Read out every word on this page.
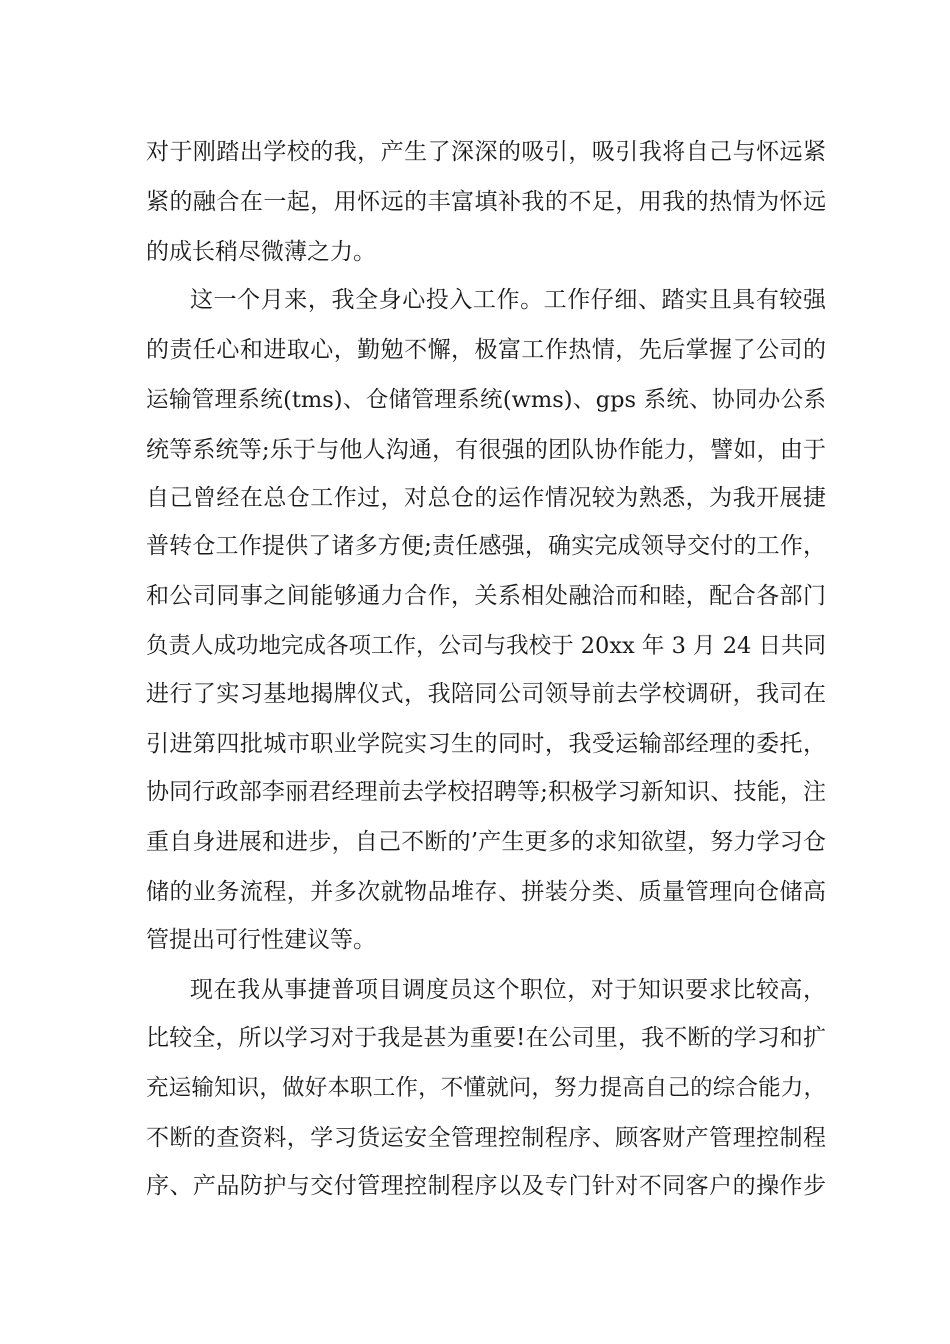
对于刚踏出学校的我，产生了深深的吸引，吸引我将自己与怀远紧
紧的融合在一起，用怀远的丰富填补我的不足，用我的热情为怀远
的成长稍尽微薄之力。
这一个月来，我全身心投入工作。工作仔细、踏实且具有较强
的责任心和进取心，勤勉不懈，极富工作热情，先后掌握了公司的
运输管理系统(tms)、仓储管理系统(wms)、gps 系统、协同办公系
统等系统等;乐于与他人沟通，有很强的团队协作能力，譬如，由于
自己曾经在总仓工作过，对总仓的运作情况较为熟悉，为我开展捷
普转仓工作提供了诸多方便;责任感强，确实完成领导交付的工作，
和公司同事之间能够通力合作，关系相处融洽而和睦，配合各部门
负责人成功地完成各项工作，公司与我校于 20xx 年 3 月 24 日共同
进行了实习基地揭牌仪式，我陪同公司领导前去学校调研，我司在
引进第四批城市职业学院实习生的同时，我受运输部经理的委托，
协同行政部李丽君经理前去学校招聘等;积极学习新知识、技能，注
重自身进展和进步，自己不断的’产生更多的求知欲望，努力学习仓
储的业务流程，并多次就物品堆存、拼装分类、质量管理向仓储高
管提出可行性建议等。
现在我从事捷普项目调度员这个职位，对于知识要求比较高，
比较全，所以学习对于我是甚为重要!在公司里，我不断的学习和扩
充运输知识，做好本职工作，不懂就问，努力提高自己的综合能力，
不断的查资料，学习货运安全管理控制程序、顾客财产管理控制程
序、产品防护与交付管理控制程序以及专门针对不同客户的操作步
